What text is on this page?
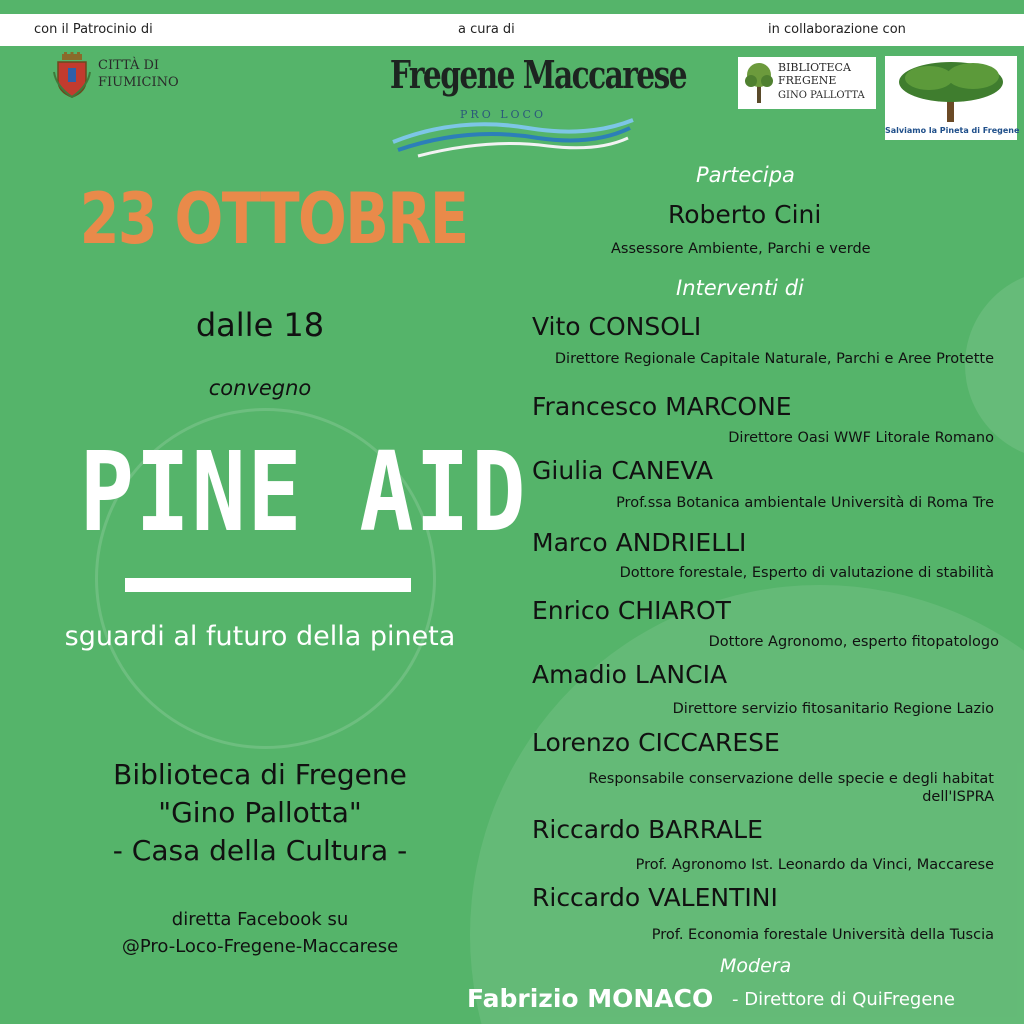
con il Patrocinio di	a cura di	in collaborazione con
CITTÀ DI
FIUMICINO	Fregene Maccarese
PRO LOCO
BIBLIOTECA
FREGENE
GINO PALLOTTA
Salviamo la Pineta di Fregene
23 OTTOBRE
dalle 18
convegno
PINE AID
sguardi al futuro della pineta
Biblioteca di Fregene
"Gino Pallotta"
- Casa della Cultura -
diretta Facebook su
@Pro-Loco-Fregene-Maccarese
Partecipa
Roberto Cini
Assessore Ambiente, Parchi e verde
Interventi di
Vito CONSOLI
Direttore Regionale Capitale Naturale, Parchi e Aree Protette
Francesco MARCONE
Direttore Oasi WWF Litorale Romano
Giulia CANEVA
Prof.ssa Botanica ambientale Università di Roma Tre
Marco ANDRIELLI
Dottore forestale, Esperto di valutazione di stabilità
Enrico CHIAROT
Dottore Agronomo, esperto fitopatologo
Amadio LANCIA
Direttore servizio fitosanitario Regione Lazio
Lorenzo CICCARESE
Responsabile conservazione delle specie e degli habitat dell'ISPRA
Riccardo BARRALE
Prof. Agronomo Ist. Leonardo da Vinci, Maccarese
Riccardo VALENTINI
Prof. Economia forestale Università della Tuscia
Modera
Fabrizio MONACO - Direttore di QuiFregene
